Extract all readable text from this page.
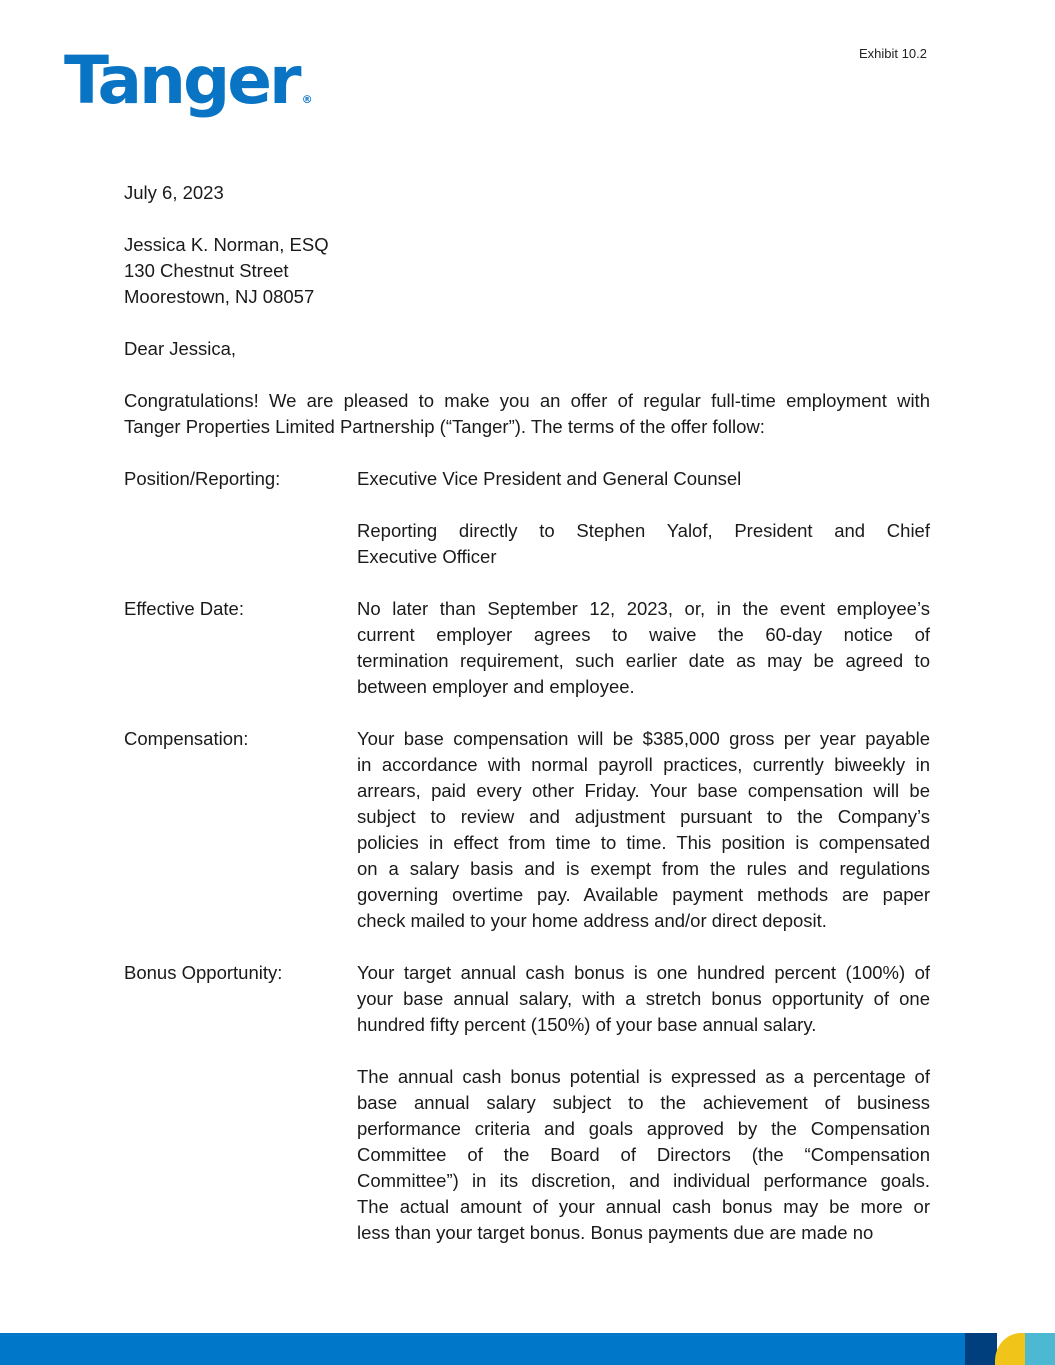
Tanger ®
Exhibit 10.2
July 6, 2023
Jessica K. Norman, ESQ
130 Chestnut Street
Moorestown, NJ 08057
Dear Jessica,
Congratulations! We are pleased to make you an offer of regular full-time employment with
Tanger Properties Limited Partnership (“Tanger”). The terms of the offer follow:
Position/Reporting:	Executive Vice President and General Counsel
Reporting directly to Stephen Yalof, President and Chief
Executive Officer
Effective Date:	No later than September 12, 2023, or, in the event employee’s
current employer agrees to waive the 60-day notice of
termination requirement, such earlier date as may be agreed to
between employer and employee.
Compensation:	Your base compensation will be $385,000 gross per year payable
in accordance with normal payroll practices, currently biweekly in
arrears, paid every other Friday. Your base compensation will be
subject to review and adjustment pursuant to the Company’s
policies in effect from time to time. This position is compensated
on a salary basis and is exempt from the rules and regulations
governing overtime pay. Available payment methods are paper
check mailed to your home address and/or direct deposit.
Bonus Opportunity:	Your target annual cash bonus is one hundred percent (100%) of
your base annual salary, with a stretch bonus opportunity of one
hundred fifty percent (150%) of your base annual salary.
The annual cash bonus potential is expressed as a percentage of
base annual salary subject to the achievement of business
performance criteria and goals approved by the Compensation
Committee of the Board of Directors (the “Compensation
Committee”) in its discretion, and individual performance goals.
The actual amount of your annual cash bonus may be more or
less than your target bonus. Bonus payments due are made no
